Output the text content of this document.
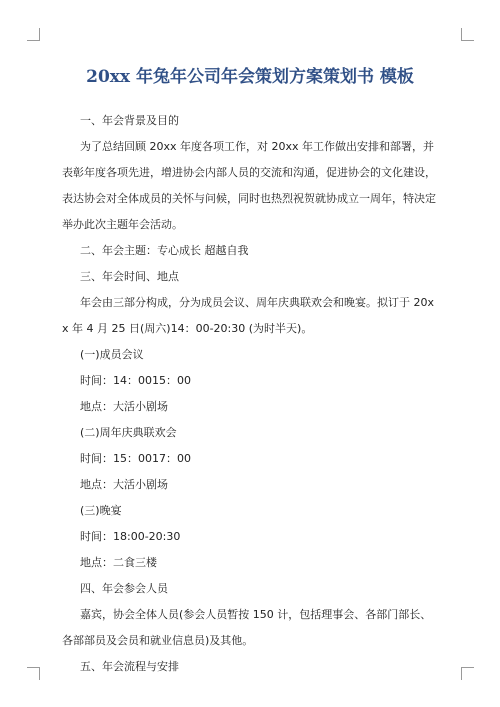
20xx 年兔年公司年会策划方案策划书 模板

一、年会背景及目的

为了总结回顾 20xx 年度各项工作，对 20xx 年工作做出安排和部署，并表彰年度各项先进，增进协会内部人员的交流和沟通，促进协会的文化建设，表达协会对全体成员的关怀与问候，同时也热烈祝贺就协成立一周年，特决定举办此次主题年会活动。

二、年会主题：专心成长 超越自我

三、年会时间、地点

年会由三部分构成，分为成员会议、周年庆典联欢会和晚宴。拟订于 20xx 年 4 月 25 日(周六)14：00-20:30 (为时半天)。

(一)成员会议

时间：14：0015：00

地点：大活小剧场

(二)周年庆典联欢会

时间：15：0017：00

地点：大活小剧场

(三)晚宴

时间：18:00-20:30

地点：二食三楼

四、年会参会人员

嘉宾，协会全体人员(参会人员暂按 150 计，包括理事会、各部门部长、各部部员及会员和就业信息员)及其他。

五、年会流程与安排
